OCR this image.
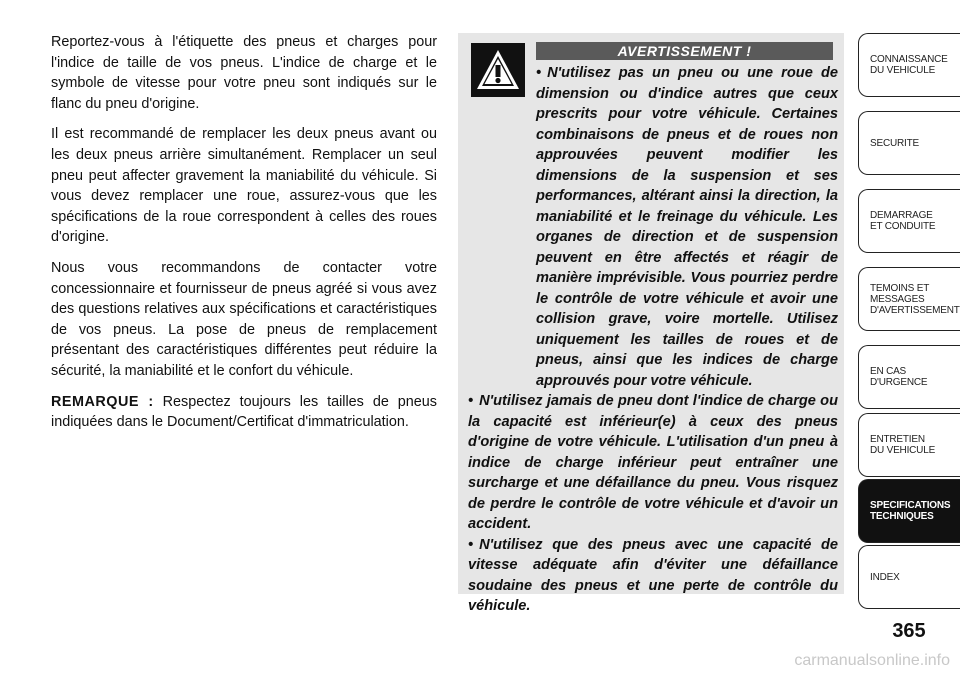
Reportez-vous à l'étiquette des pneus et charges pour l'indice de taille de vos pneus. L'indice de charge et le symbole de vitesse pour votre pneu sont indiqués sur le flanc du pneu d'origine.

Il est recommandé de remplacer les deux pneus avant ou les deux pneus arrière simultanément. Remplacer un seul pneu peut affecter gravement la maniabilité du véhicule. Si vous devez remplacer une roue, assurez-vous que les spécifications de la roue correspondent à celles des roues d'origine.

Nous vous recommandons de contacter votre concessionnaire et fournisseur de pneus agréé si vous avez des questions relatives aux spécifications et caractéristiques de vos pneus. La pose de pneus de remplacement présentant des caractéristiques différentes peut réduire la sécurité, la maniabilité et le confort du véhicule.

REMARQUE : Respectez toujours les tailles de pneus indiquées dans le Document/Certificat d'immatriculation.

AVERTISSEMENT !

• N'utilisez pas un pneu ou une roue de dimension ou d'indice autres que ceux prescrits pour votre véhicule. Certaines combinaisons de pneus et de roues non approuvées peuvent modifier les dimensions de la suspension et ses performances, altérant ainsi la direction, la maniabilité et le freinage du véhicule. Les organes de direction et de suspension peuvent en être affectés et réagir de manière imprévisible. Vous pourriez perdre le contrôle de votre véhicule et avoir une collision grave, voire mortelle. Utilisez uniquement les tailles de roues et de pneus, ainsi que les indices de charge approuvés pour votre véhicule.

• N'utilisez jamais de pneu dont l'indice de charge ou la capacité est inférieur(e) à ceux des pneus d'origine de votre véhicule. L'utilisation d'un pneu à indice de charge inférieur peut entraîner une surcharge et une défaillance du pneu. Vous risquez de perdre le contrôle de votre véhicule et d'avoir un accident.

• N'utilisez que des pneus avec une capacité de vitesse adéquate afin d'éviter une défaillance soudaine des pneus et une perte de contrôle du véhicule.

CONNAISSANCE
DU VEHICULE
SECURITE
DEMARRAGE
ET CONDUITE
TEMOINS ET
MESSAGES
D'AVERTISSEMENT
EN CAS
D'URGENCE
ENTRETIEN
DU VEHICULE
SPECIFICATIONS
TECHNIQUES
INDEX
365
carmanualsonline.info
